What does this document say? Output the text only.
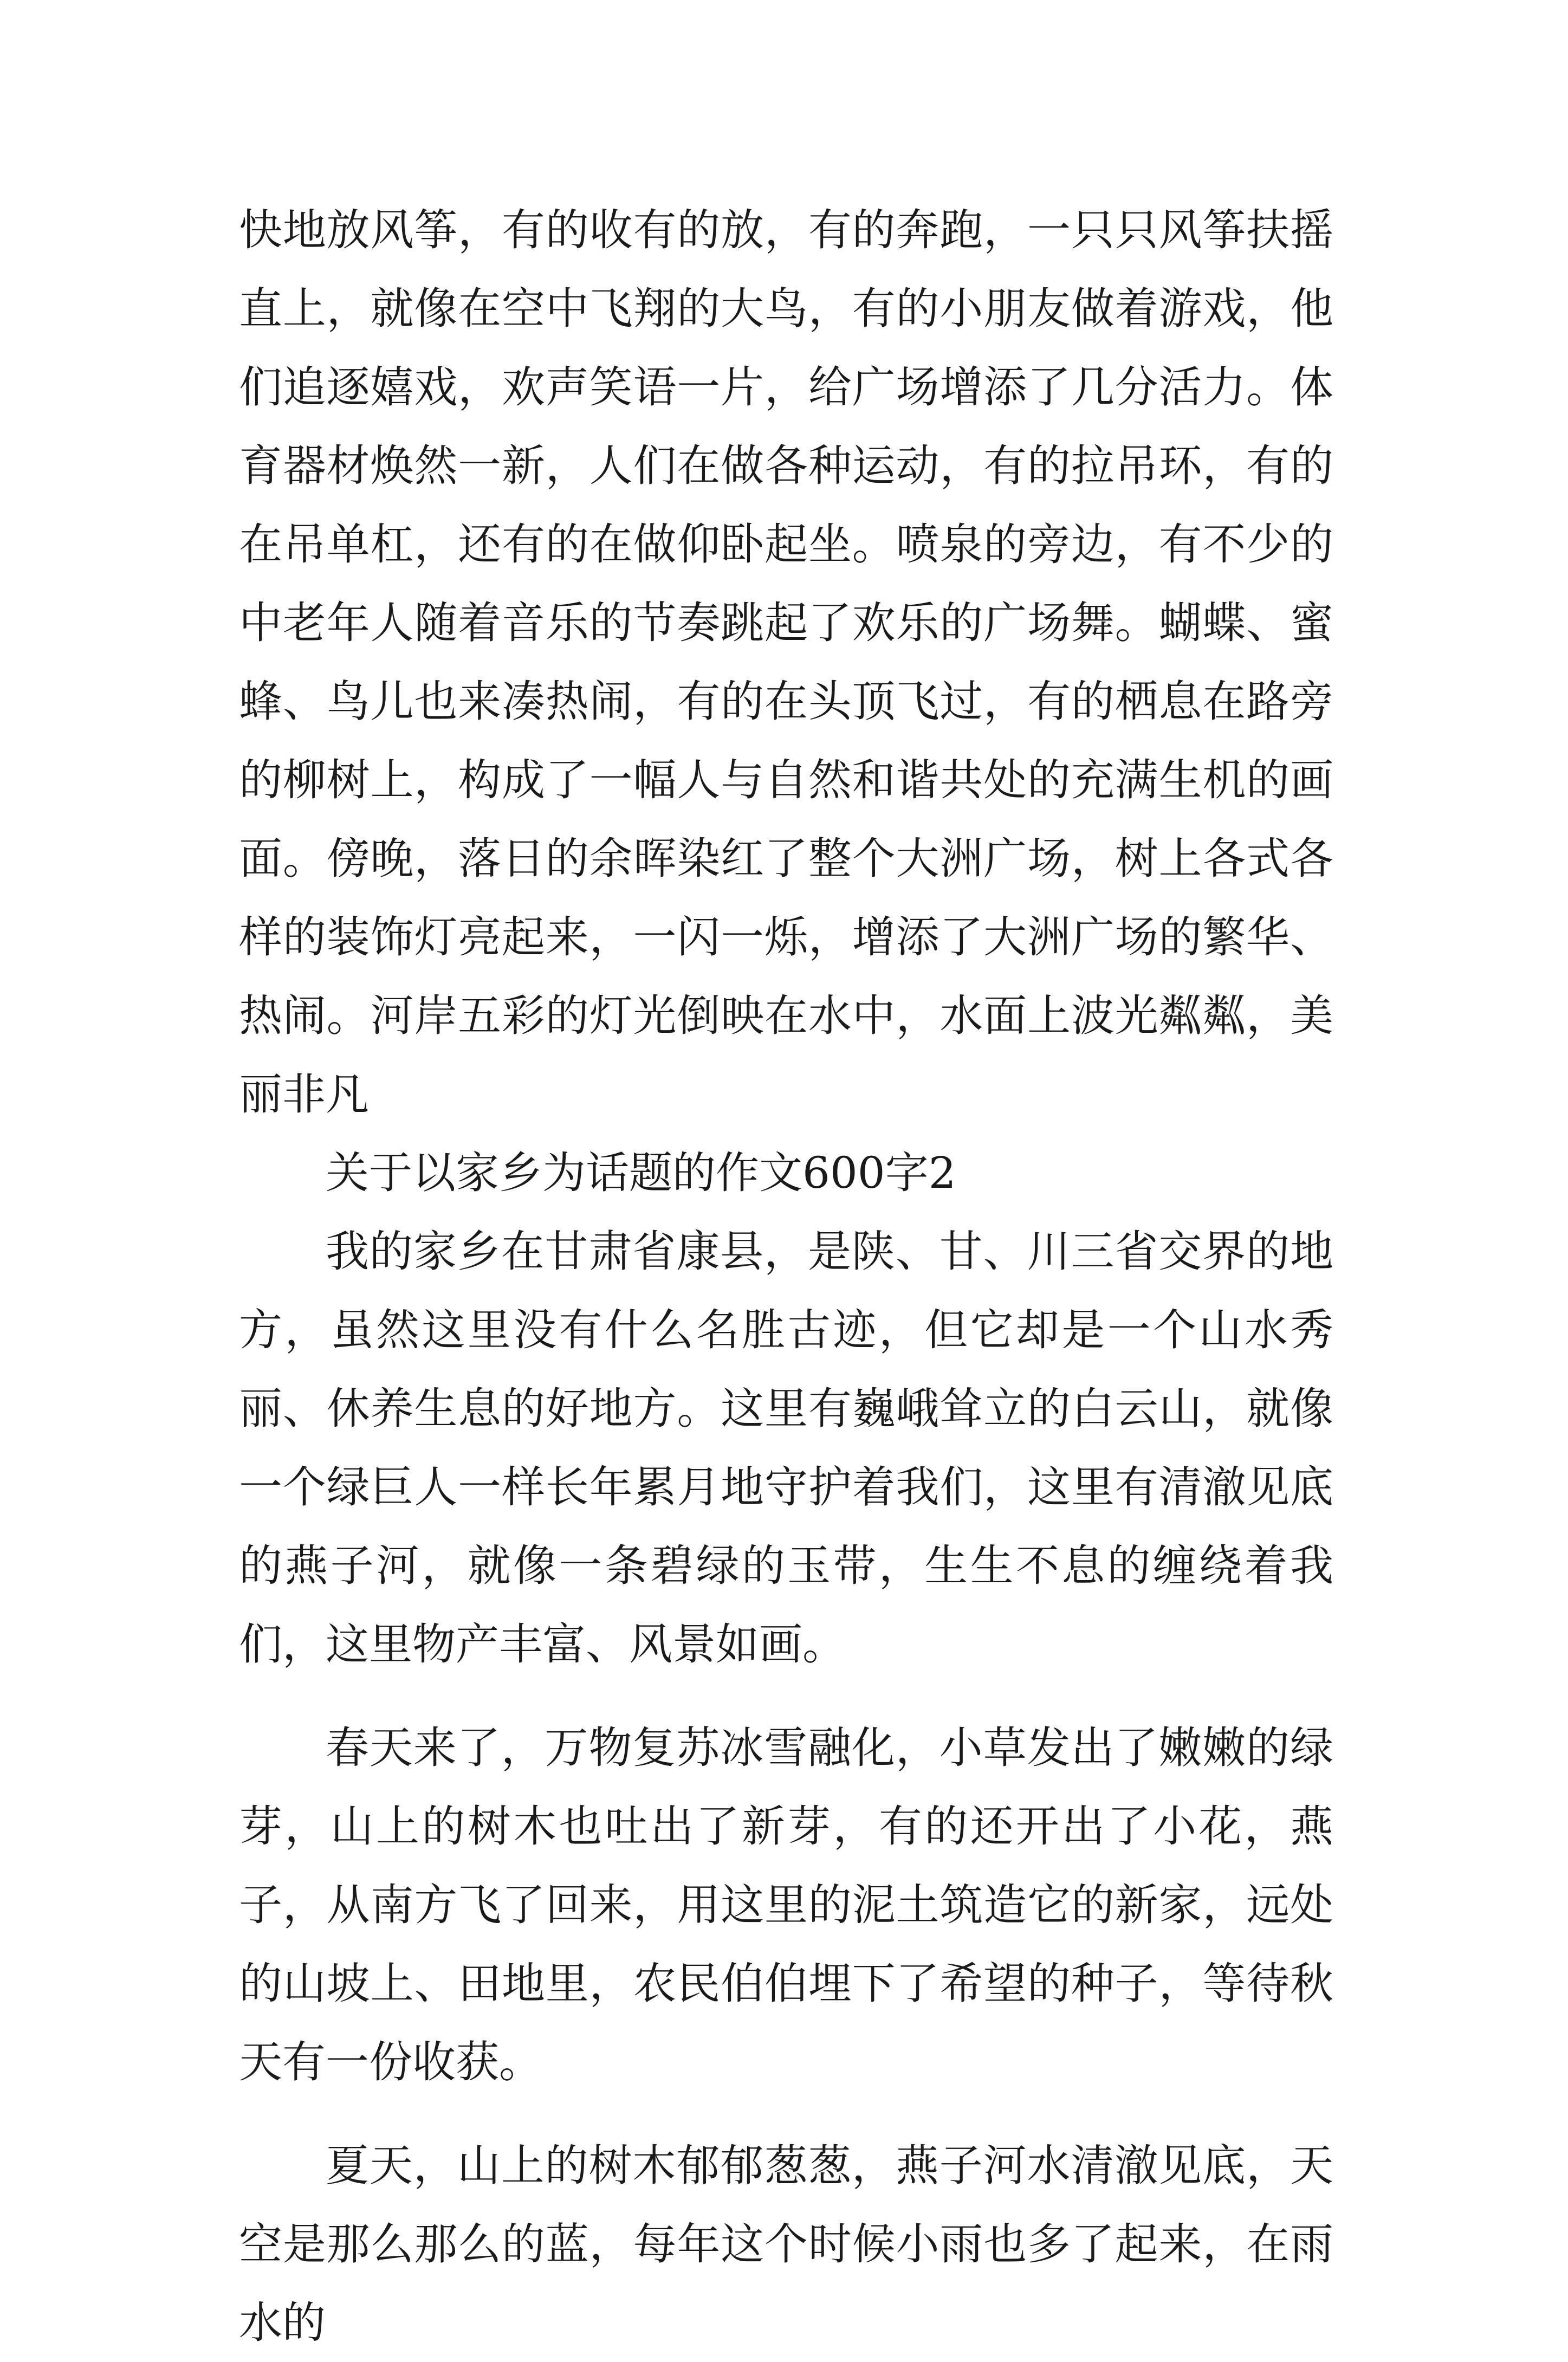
快地放风筝，有的收有的放，有的奔跑，一只只风筝扶摇直上，就像在空中飞翔的大鸟，有的小朋友做着游戏，他们追逐嬉戏，欢声笑语一片，给广场增添了几分活力。体育器材焕然一新，人们在做各种运动，有的拉吊环，有的在吊单杠，还有的在做仰卧起坐。喷泉的旁边，有不少的中老年人随着音乐的节奏跳起了欢乐的广场舞。蝴蝶、蜜蜂、鸟儿也来凑热闹，有的在头顶飞过，有的栖息在路旁的柳树上，构成了一幅人与自然和谐共处的充满生机的画面。傍晚，落日的余晖染红了整个大洲广场，树上各式各样的装饰灯亮起来，一闪一烁，增添了大洲广场的繁华、热闹。河岸五彩的灯光倒映在水中，水面上波光粼粼，美丽非凡

关于以家乡为话题的作文600字2

我的家乡在甘肃省康县，是陕、甘、川三省交界的地方，虽然这里没有什么名胜古迹，但它却是一个山水秀丽、休养生息的好地方。这里有巍峨耸立的白云山，就像一个绿巨人一样长年累月地守护着我们，这里有清澈见底的燕子河，就像一条碧绿的玉带，生生不息的缠绕着我们，这里物产丰富、风景如画。

春天来了，万物复苏冰雪融化，小草发出了嫩嫩的绿芽，山上的树木也吐出了新芽，有的还开出了小花，燕子，从南方飞了回来，用这里的泥土筑造它的新家，远处的山坡上、田地里，农民伯伯埋下了希望的种子，等待秋天有一份收获。

夏天，山上的树木郁郁葱葱，燕子河水清澈见底，天空是那么那么的蓝，每年这个时候小雨也多了起来，在雨水的
